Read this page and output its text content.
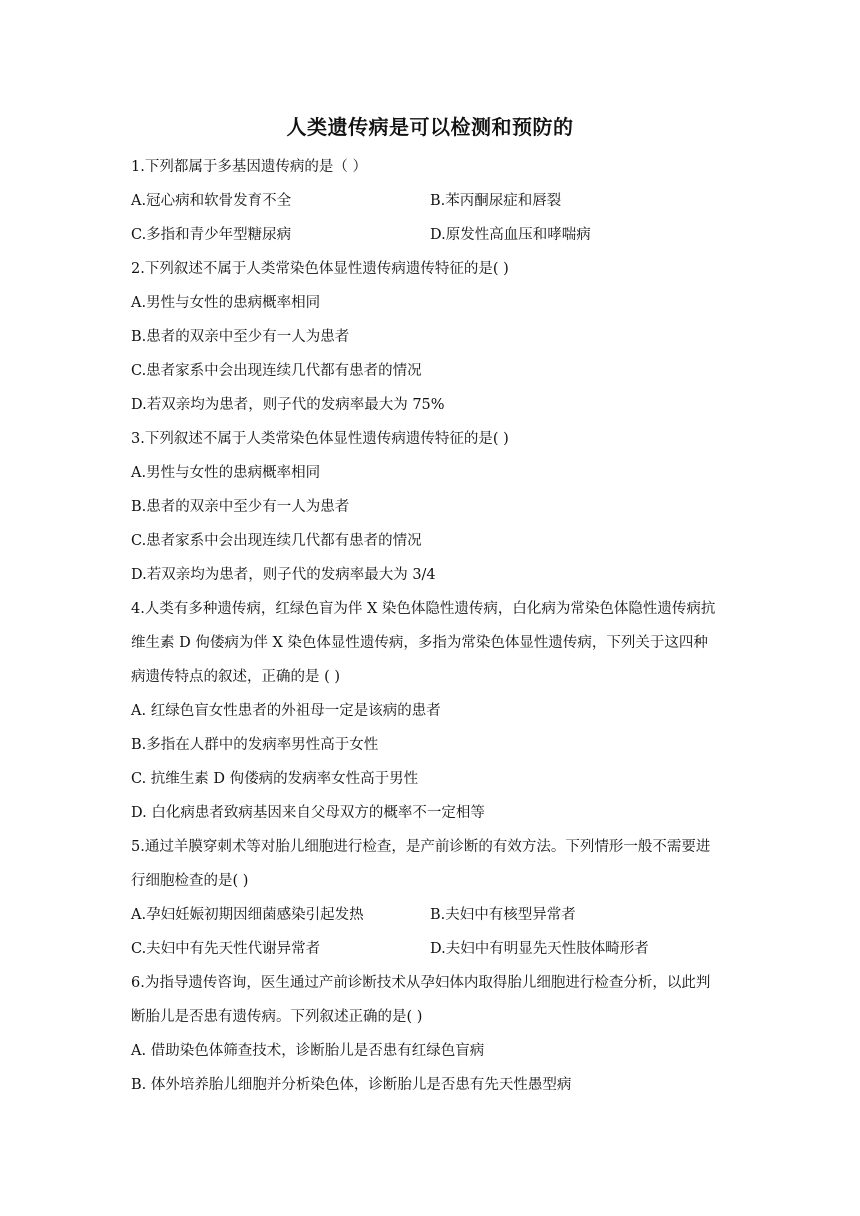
人类遗传病是可以检测和预防的
1.下列都属于多基因遗传病的是（ ）
A.冠心病和软骨发育不全	B.苯丙酮尿症和唇裂
C.多指和青少年型糖尿病	D.原发性高血压和哮喘病
2.下列叙述不属于人类常染色体显性遗传病遗传特征的是( )
A.男性与女性的患病概率相同
B.患者的双亲中至少有一人为患者
C.患者家系中会出现连续几代都有患者的情况
D.若双亲均为患者，则子代的发病率最大为 75%
3.下列叙述不属于人类常染色体显性遗传病遗传特征的是( )
A.男性与女性的患病概率相同
B.患者的双亲中至少有一人为患者
C.患者家系中会出现连续几代都有患者的情况
D.若双亲均为患者，则子代的发病率最大为 3/4
4.人类有多种遗传病，红绿色盲为伴 X 染色体隐性遗传病，白化病为常染色体隐性遗传病抗
维生素 D 佝偻病为伴 X 染色体显性遗传病，多指为常染色体显性遗传病，下列关于这四种
病遗传特点的叙述，正确的是 ( )
A. 红绿色盲女性患者的外祖母一定是该病的患者
B.多指在人群中的发病率男性高于女性
C. 抗维生素 D 佝偻病的发病率女性高于男性
D. 白化病患者致病基因来自父母双方的概率不一定相等
5.通过羊膜穿刺术等对胎儿细胞进行检查，是产前诊断的有效方法。下列情形一般不需要进
行细胞检查的是( )
A.孕妇妊娠初期因细菌感染引起发热	B.夫妇中有核型异常者
C.夫妇中有先天性代谢异常者	D.夫妇中有明显先天性肢体畸形者
6.为指导遗传咨询，医生通过产前诊断技术从孕妇体内取得胎儿细胞进行检查分析，以此判
断胎儿是否患有遗传病。下列叙述正确的是( )
A. 借助染色体筛查技术，诊断胎儿是否患有红绿色盲病
B. 体外培养胎儿细胞并分析染色体，诊断胎儿是否患有先天性愚型病
